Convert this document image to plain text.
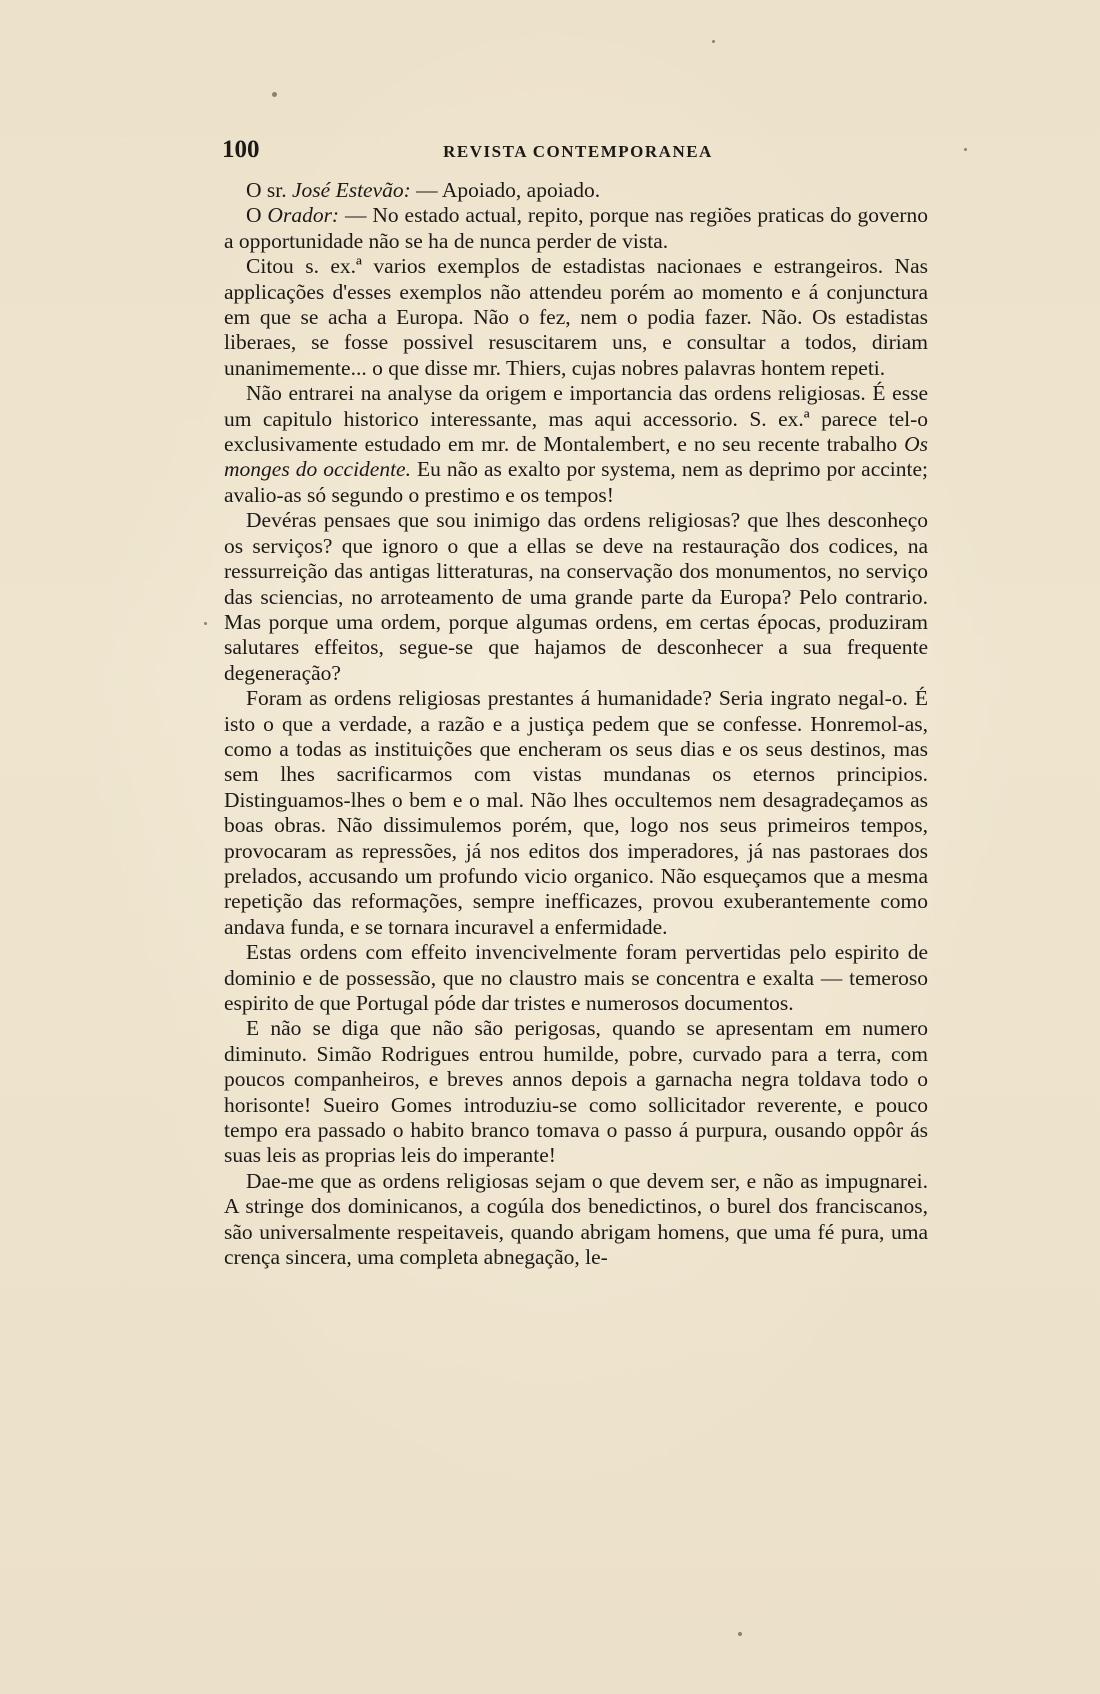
100	REVISTA CONTEMPORANEA

O sr. José Estevão: — Apoiado, apoiado.

O Orador: — No estado actual, repito, porque nas regiões praticas do governo a opportunidade não se ha de nunca perder de vista.

Citou s. ex.ª varios exemplos de estadistas nacionaes e estrangeiros. Nas applicações d'esses exemplos não attendeu porém ao momento e á conjunctura em que se acha a Europa. Não o fez, nem o podia fazer. Não. Os estadistas liberaes, se fosse possivel resuscitarem uns, e consultar a todos, diriam unanimemente... o que disse mr. Thiers, cujas nobres palavras hontem repeti.

Não entrarei na analyse da origem e importancia das ordens religiosas. É esse um capitulo historico interessante, mas aqui accessorio. S. ex.ª parece tel-o exclusivamente estudado em mr. de Montalembert, e no seu recente trabalho Os monges do occidente. Eu não as exalto por systema, nem as deprimo por accinte; avalio-as só segundo o prestimo e os tempos!

Devéras pensaes que sou inimigo das ordens religiosas? que lhes desconheço os serviços? que ignoro o que a ellas se deve na restauração dos codices, na ressurreição das antigas litteraturas, na conservação dos monumentos, no serviço das sciencias, no arroteamento de uma grande parte da Europa? Pelo contrario. Mas porque uma ordem, porque algumas ordens, em certas épocas, produziram salutares effeitos, segue-se que hajamos de desconhecer a sua frequente degeneração?

Foram as ordens religiosas prestantes á humanidade? Seria ingrato negal-o. É isto o que a verdade, a razão e a justiça pedem que se confesse. Honremol-as, como a todas as instituições que encheram os seus dias e os seus destinos, mas sem lhes sacrificarmos com vistas mundanas os eternos principios. Distinguamos-lhes o bem e o mal. Não lhes occultemos nem desagradeçamos as boas obras. Não dissimulemos porém, que, logo nos seus primeiros tempos, provocaram as repressões, já nos editos dos imperadores, já nas pastoraes dos prelados, accusando um profundo vicio organico. Não esqueçamos que a mesma repetição das reformações, sempre inefficazes, provou exuberantemente como andava funda, e se tornara incuravel a enfermidade.

Estas ordens com effeito invencivelmente foram pervertidas pelo espirito de dominio e de possessão, que no claustro mais se concentra e exalta — temeroso espirito de que Portugal póde dar tristes e numerosos documentos.

E não se diga que não são perigosas, quando se apresentam em numero diminuto. Simão Rodrigues entrou humilde, pobre, curvado para a terra, com poucos companheiros, e breves annos depois a garnacha negra toldava todo o horisonte! Sueiro Gomes introduziu-se como sollicitador reverente, e pouco tempo era passado o habito branco tomava o passo á purpura, ousando oppôr ás suas leis as proprias leis do imperante!

Dae-me que as ordens religiosas sejam o que devem ser, e não as impugnarei. A stringe dos dominicanos, a cogúla dos benedictinos, o burel dos franciscanos, são universalmente respeitaveis, quando abrigam homens, que uma fé pura, uma crença sincera, uma completa abnegação, le-
